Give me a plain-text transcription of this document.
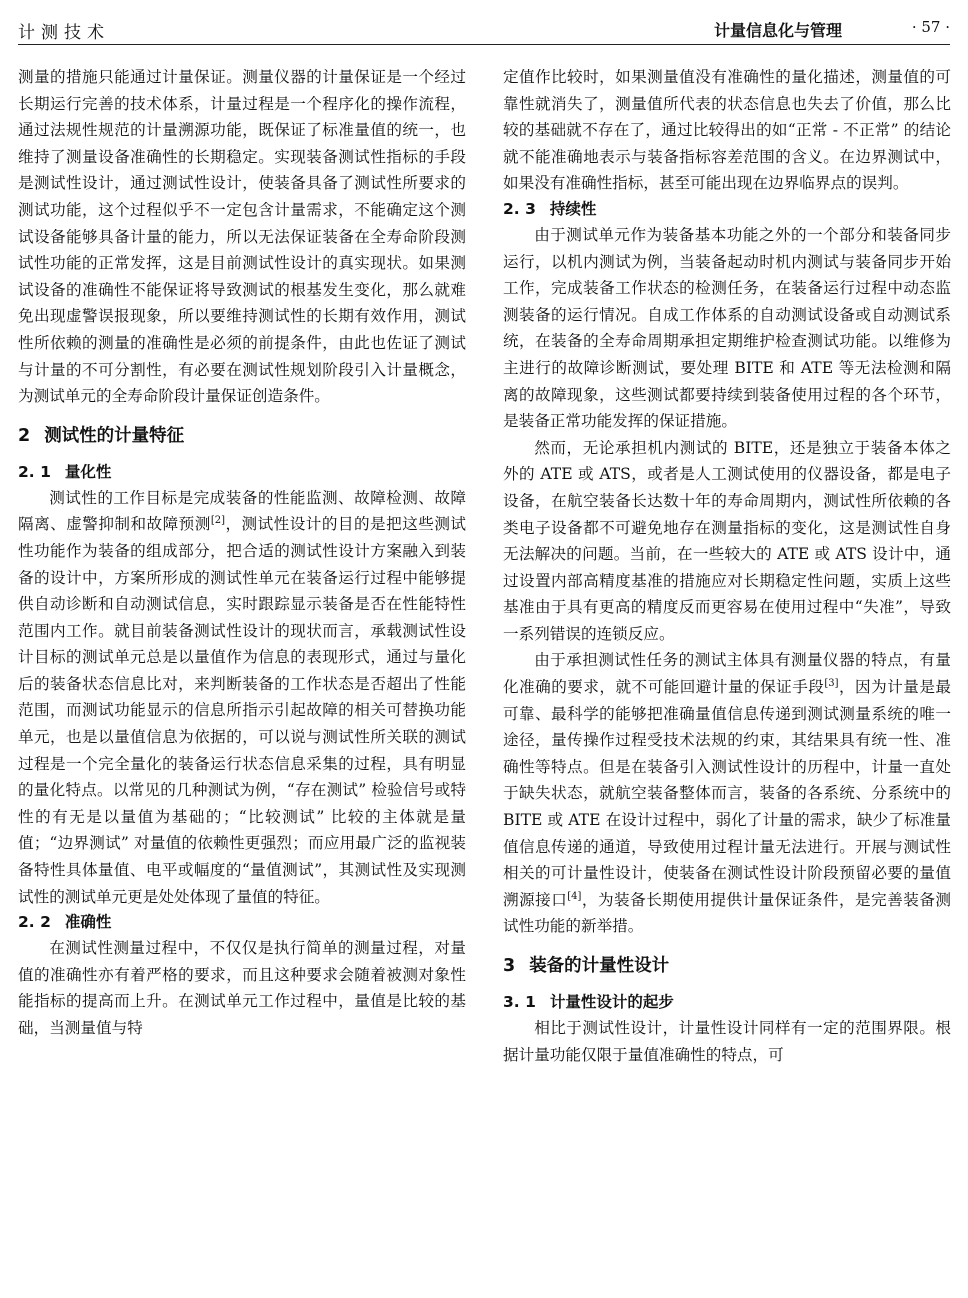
计测技术	计量信息化与管理	· 57 ·

测量的措施只能通过计量保证。测量仪器的计量保证是一个经过长期运行完善的技术体系，计量过程是一个程序化的操作流程，通过法规性规范的计量溯源功能，既保证了标准量值的统一，也维持了测量设备准确性的长期稳定。实现装备测试性指标的手段是测试性设计，通过测试性设计，使装备具备了测试性所要求的测试功能，这个过程似乎不一定包含计量需求，不能确定这个测试设备能够具备计量的能力，所以无法保证装备在全寿命阶段测试性功能的正常发挥，这是目前测试性设计的真实现状。如果测试设备的准确性不能保证将导致测试的根基发生变化，那么就难免出现虚警误报现象，所以要维持测试性的长期有效作用，测试性所依赖的测量的准确性是必须的前提条件，由此也佐证了测试与计量的不可分割性，有必要在测试性规划阶段引入计量概念，为测试单元的全寿命阶段计量保证创造条件。

2 测试性的计量特征
2. 1 量化性

测试性的工作目标是完成装备的性能监测、故障检测、故障隔离、虚警抑制和故障预测[2]，测试性设计的目的是把这些测试性功能作为装备的组成部分，把合适的测试性设计方案融入到装备的设计中，方案所形成的测试性单元在装备运行过程中能够提供自动诊断和自动测试信息，实时跟踪显示装备是否在性能特性范围内工作。就目前装备测试性设计的现状而言，承载测试性设计目标的测试单元总是以量值作为信息的表现形式，通过与量化后的装备状态信息比对，来判断装备的工作状态是否超出了性能范围，而测试功能显示的信息所指示引起故障的相关可替换功能单元，也是以量值信息为依据的，可以说与测试性所关联的测试过程是一个完全量化的装备运行状态信息采集的过程，具有明显的量化特点。以常见的几种测试为例，“存在测试” 检验信号或特性的有无是以量值为基础的；“比较测试” 比较的主体就是量值；“边界测试” 对量值的依赖性更强烈；而应用最广泛的监视装备特性具体量值、电平或幅度的“量值测试”，其测试性及实现测试性的测试单元更是处处体现了量值的特征。

2. 2 准确性

在测试性测量过程中，不仅仅是执行简单的测量过程，对量值的准确性亦有着严格的要求，而且这种要求会随着被测对象性能指标的提高而上升。在测试单元工作过程中，量值是比较的基础，当测量值与特

定值作比较时，如果测量值没有准确性的量化描述，测量值的可靠性就消失了，测量值所代表的状态信息也失去了价值，那么比较的基础就不存在了，通过比较得出的如“正常 - 不正常” 的结论就不能准确地表示与装备指标容差范围的含义。在边界测试中，如果没有准确性指标，甚至可能出现在边界临界点的误判。

2. 3 持续性

由于测试单元作为装备基本功能之外的一个部分和装备同步运行，以机内测试为例，当装备起动时机内测试与装备同步开始工作，完成装备工作状态的检测任务，在装备运行过程中动态监测装备的运行情况。自成工作体系的自动测试设备或自动测试系统，在装备的全寿命周期承担定期维护检查测试功能。以维修为主进行的故障诊断测试，要处理 BITE 和 ATE 等无法检测和隔离的故障现象，这些测试都要持续到装备使用过程的各个环节，是装备正常功能发挥的保证措施。

然而，无论承担机内测试的 BITE，还是独立于装备本体之外的 ATE 或 ATS，或者是人工测试使用的仪器设备，都是电子设备，在航空装备长达数十年的寿命周期内，测试性所依赖的各类电子设备都不可避免地存在测量指标的变化，这是测试性自身无法解决的问题。当前，在一些较大的 ATE 或 ATS 设计中，通过设置内部高精度基准的措施应对长期稳定性问题，实质上这些基准由于具有更高的精度反而更容易在使用过程中“失准”，导致一系列错误的连锁反应。

由于承担测试性任务的测试主体具有测量仪器的特点，有量化准确的要求，就不可能回避计量的保证手段[3]，因为计量是最可靠、最科学的能够把准确量值信息传递到测试测量系统的唯一途径，量传操作过程受技术法规的约束，其结果具有统一性、准确性等特点。但是在装备引入测试性设计的历程中，计量一直处于缺失状态，就航空装备整体而言，装备的各系统、分系统中的 BITE 或 ATE 在设计过程中，弱化了计量的需求，缺少了标准量值信息传递的通道，导致使用过程计量无法进行。开展与测试性相关的可计量性设计，使装备在测试性设计阶段预留必要的量值溯源接口[4]，为装备长期使用提供计量保证条件，是完善装备测试性功能的新举措。

3 装备的计量性设计
3. 1 计量性设计的起步

相比于测试性设计，计量性设计同样有一定的范围界限。根据计量功能仅限于量值准确性的特点，可
